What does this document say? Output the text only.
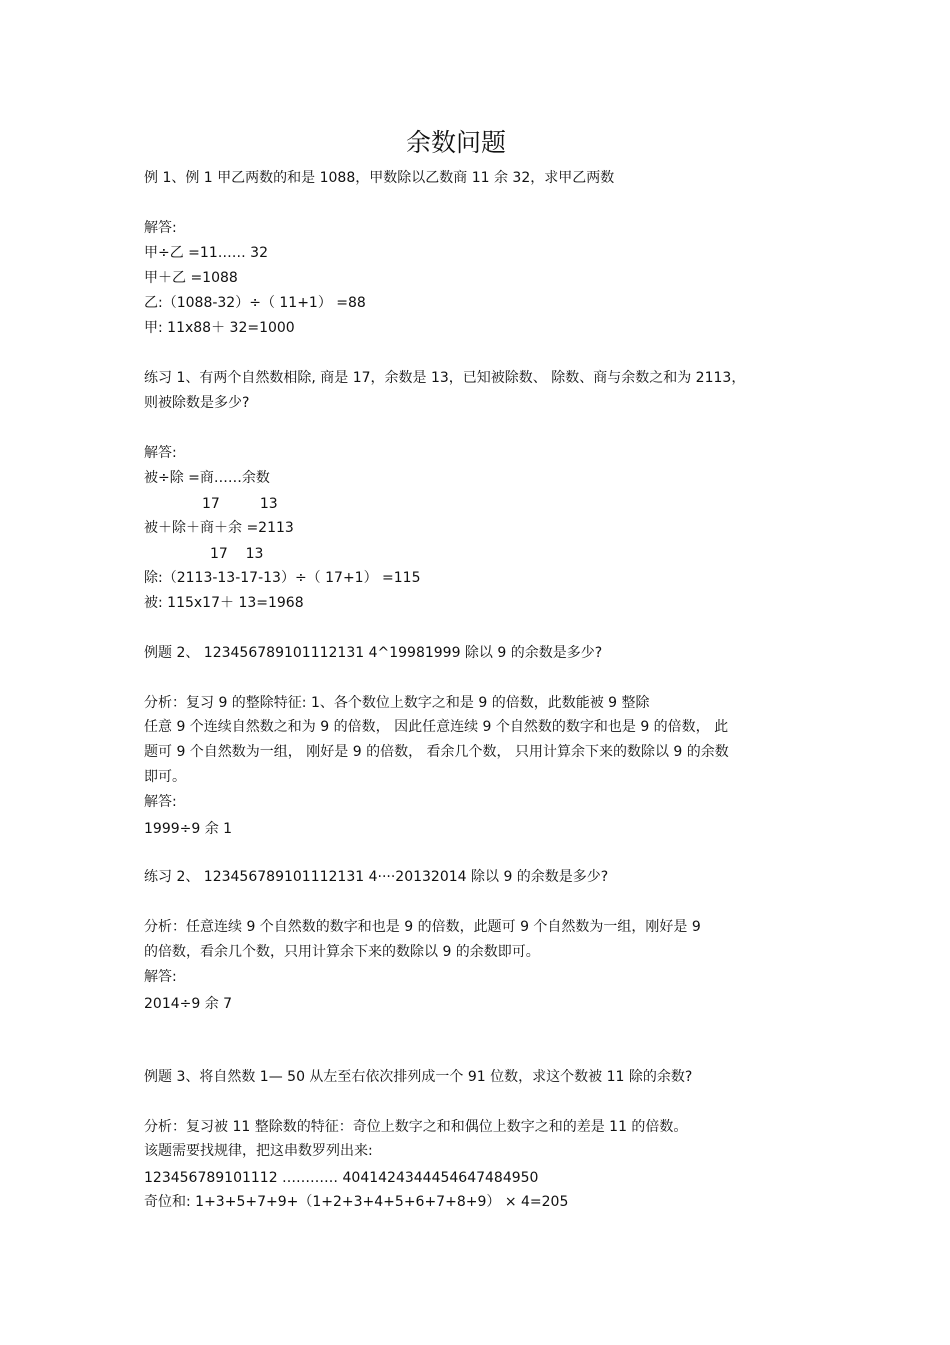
余数问题
例 1、例 1 甲乙两数的和是 1088，甲数除以乙数商 11 余 32，求甲乙两数
解答:
甲÷乙 =11…… 32
甲＋乙 =1088
乙:（1088-32）÷（ 11+1） =88
甲: 11x88＋ 32=1000
练习 1、有两个自然数相除, 商是 17，余数是 13，已知被除数、 除数、商与余数之和为 2113，
则被除数是多少?
解答:
被÷除 =商……余数
17         13
被＋除＋商＋余 =2113
17    13
除:（2113-13-17-13）÷（ 17+1） =115
被: 115x17＋ 13=1968
例题 2、 123456789101112131 4^19981999 除以 9 的余数是多少?
分析：复习 9 的整除特征: 1、各个数位上数字之和是 9 的倍数，此数能被 9 整除
任意 9 个连续自然数之和为 9 的倍数， 因此任意连续 9 个自然数的数字和也是 9 的倍数， 此
题可 9 个自然数为一组， 刚好是 9 的倍数， 看余几个数， 只用计算余下来的数除以 9 的余数
即可。
解答:
1999÷9 余 1
练习 2、 123456789101112131 4····20132014 除以 9 的余数是多少?
分析：任意连续 9 个自然数的数字和也是 9 的倍数，此题可 9 个自然数为一组，刚好是 9
的倍数，看余几个数，只用计算余下来的数除以 9 的余数即可。
解答:
2014÷9 余 7
例题 3、将自然数 1— 50 从左至右依次排列成一个 91 位数，求这个数被 11 除的余数?
分析：复习被 11 整除数的特征：奇位上数字之和和偶位上数字之和的差是 11 的倍数。
该题需要找规律，把这串数罗列出来:
123456789101112 ………… 4041424344454647484950
奇位和: 1+3+5+7+9+（1+2+3+4+5+6+7+8+9） × 4=205
